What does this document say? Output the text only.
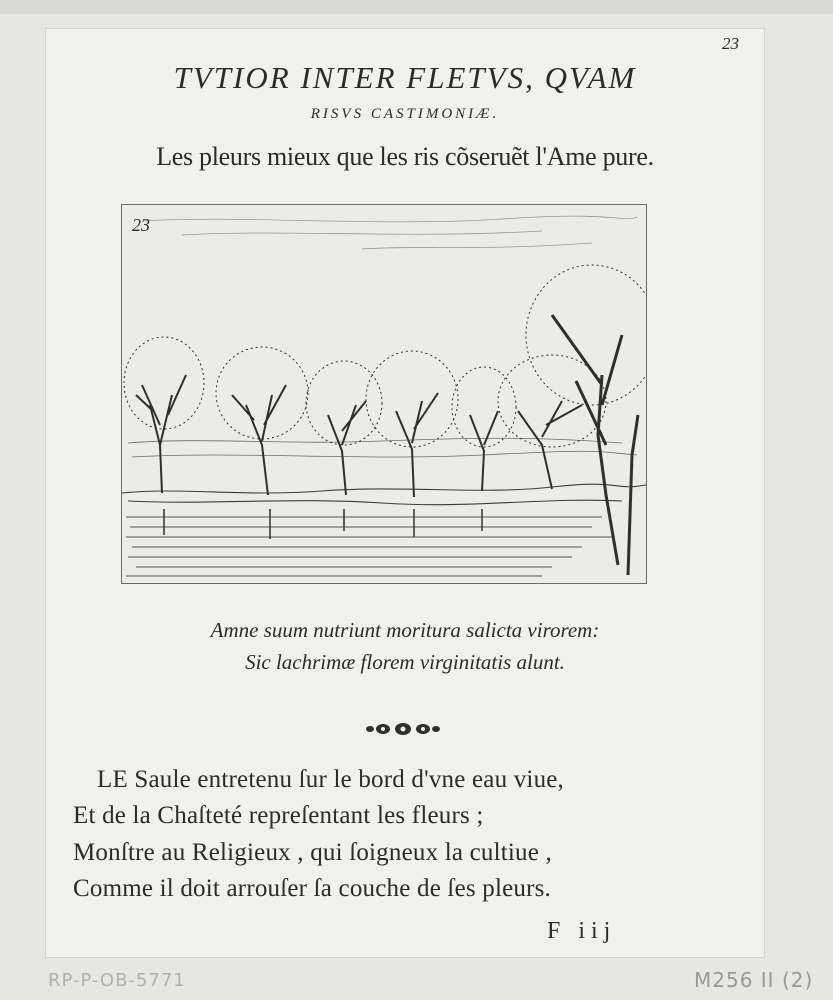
23
TVTIOR INTER FLETVS, QVAM
RISVS CASTIMONIÆ.
Les pleurs mieux que les ris cõseruẽt l'Ame pure.
23
Amne suum nutriunt moritura salicta virorem:
Sic lachrimæ florem virginitatis alunt.
LE Saule entretenu ſur le bord d'vne eau viue,
Et de la Chaſteté repreſentant les fleurs ;
Monſtre au Religieux , qui ſoigneux la cultiue ,
Comme il doit arrouſer ſa couche de ſes pleurs.
F iij
RP-P-OB-5771	M256 II (2)
